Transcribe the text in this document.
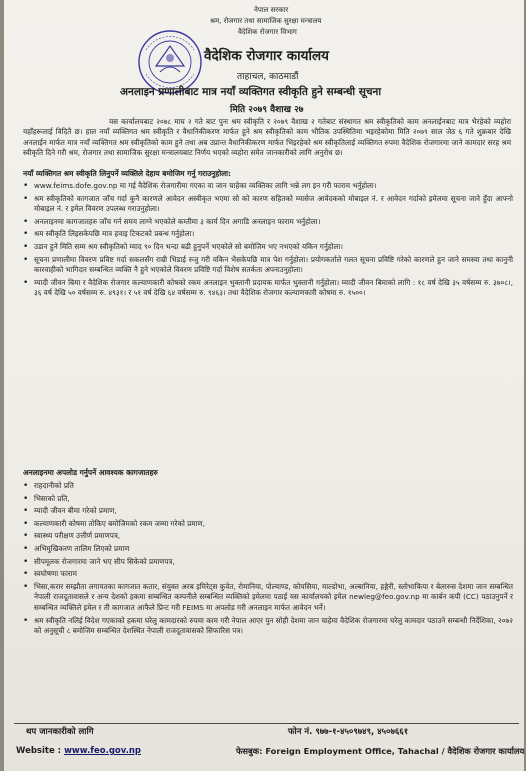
नेपाल सरकार
श्रम, रोजगार तथा सामाजिक सुरक्षा मन्त्रालय
वैदेशिक रोजगार विभाग
वैदेशिक रोजगार कार्यालय
ताहाचल, काठमाडौं
अनलाइन प्रणालीबाट मात्र नयाँ व्यक्तिगत स्वीकृति हुने सम्बन्धी सूचना
मिति २०७९ वैशाख २७

यस कार्यालयबाट २०७८ माघ २ गते बाट पुनः श्रम स्वीकृति र २०७९ वैशाख २ गतेबाट संस्थागत श्रम स्वीकृतिको काम अनलाईनबाट मात्र भैरहेको व्यहोरा यहाँहरूलाई विदितै छ। हाल नयाँ व्यक्तिगत श्रम स्वीकृति र वैधानिकीकरण मार्फत हुने श्रम स्वीकृतिको काम भौतिक उपस्थितिमा भइरहेकोमा मिति २०७९ साल जेठ ६ गते शुक्रबार देखि अनलाईन मार्फत मात्र नयाँ व्यक्तिगत श्रम स्वीकृतिको काम हुने तथा अब उप्रान्त वैधानिकीकरण मार्फत भिइरहेको श्रम स्वीकृतिलाई व्यक्तिगत रुपमा वैदेशिक रोजगारमा जाने कामदार सरह श्रम स्वीकृति दिने गरी श्रम, रोजगार तथा सामाजिक सुरक्षा मन्त्रालयबाट निर्णय भएको व्यहोरा समेत जानकारीको लागि अनुरोध छ।

नयाँ व्यक्तिगत श्रम स्वीकृति लिनुपर्ने व्यक्तिले देहाय बमोजिम गर्नु गराउनुहोला:
• www.feims.dofe.gov.np मा गई वैदेशिक रोजगारीमा गएका वा जान चाहेका व्यक्तिका लागि भन्ने लग इन गरी फाराम भर्नुहोला।
• श्रम स्वीकृतिको कागजात जाँच गर्दा कुनै कारणले आवेदन अस्वीकृत भएमा सो को कारण सहितको म्यासेज आवेदकको मोबाइल नं. र आवेदन गर्दाको इमेलमा सूचना जाने हुँदा आफ्नो मोबाइल नं. र इमेल विवरण उपलब्ध गराउनुहोला।
• अनलाइनमा कागजातहरु जाँच गर्न समय लाग्ने भएकोले कम्तीमा ३ कार्य दिन अगाडि अनलाइन फाराम भर्नुहोला।
• श्रम स्वीकृति लिइसकेपछि मात्र हवाइ टिकटको प्रबन्ध गर्नुहोला।
• उडान हुने मिति सम्म श्रम स्वीकृतिको म्याद ९० दिन भन्दा बढी हुनुपर्ने भएकोले सो बमोजिम भए नभएको यकिन गर्नुहोला।
• सूचना प्रणालीमा विवरण प्रविष्ट गर्दा सकलसँग राम्री भिडाई रुजु गरी यकिन भैसकेपछि मात्र पेश गर्नुहोला। प्रयोगकर्ताले गलत सूचना प्रविष्टि गरेको कारणले हुन जाने समस्या तथा कानुनी कारवाहीको भागिदार सम्बन्धित व्यक्ति नै हुने भएकोले विवरण प्रविष्टि गर्दा विशेष सतर्कता अपनाउनुहोला।
• म्यादी जीवन बिमा र वैदेशिक रोजगार कल्याणकारी कोषको रकम अनलाइन भुक्तानी प्रदायक मार्फत भुक्तानी गर्नुहोला। म्यादी जीवन बिमाको लागि : १८ वर्ष देखि ३५ वर्षसम्म रु. ३७०८।, ३६ वर्ष देखि ५० वर्षसम्म रु. ४९३१। र ५१ वर्ष देखि ६४ वर्षसम्म रु. ९४६३। तथा वैदेशिक रोजगार कल्याणकारी कोषमा रु. १५००।
अनलाइनमा अपलोड गर्नुपर्ने आवश्यक कागजातहरु
• राहदानीको प्रति
• भिसाको प्रति,
• म्यादी जीवन बीमा गरेको प्रमाण,
• कल्याणकारी कोषमा तोकिए बमोजिमको रकम जम्मा गरेको प्रमाण,
• स्वास्थ्य परीक्षण उत्तीर्ण प्रमाणपत्र,
• अभिमुखिकरण तालिम लिएको प्रमाण
• सीपमूलक रोजगारमा जाने भए सीप सिकेको प्रमाणपत्र,
• स्वघोषणा फाराम
• भिसा,करार सम्झौता लगायतका कागजात कतार, संयुक्त अरब इमिरेट्स कुवेत, रोमानिया, पोल्याण्ड, कोयसिया, माल्डोभा, अल्बानिया, हङ्गेरी, स्लोभाकिया र बेलारुस देशमा जान सम्बन्धित नेपाली राजदूतावासले र अन्य देशको हकमा सम्बन्धित कम्पनीले सम्बन्धित व्यक्तिको इमेलमा पठाई यस कार्यालयको इमेल newleg@feo.gov.np मा कार्बन कपी (CC) पठाउनुपर्ने र सम्बन्धित व्यक्तिले इमेल र ती कागजात आफैले प्रिन्ट गरी FEIMS मा अपलोड गरी अनलाइन मार्फत आवेदन भर्ने।
• श्रम स्वीकृति नलिई विदेश गएकाको हकमा घरेलु कामदारको रुपमा काम गरी नेपाल आएर पुन सोही देशमा जान चाहेमा वैदेशिक रोजगारमा घरेलु कामदार पठाउने सम्बन्धी निर्देशिका, २०७२ को अनुसूची ८ बमोजिम सम्बन्धित देशस्थित नेपाली राजदूतावासको सिफारिस पत्र।
थप जानकारीको लागि	फोन नं. ९७७-१-४५०९७४९, ४५०७६६१
Website : www.feo.gov.np	फेसबुक: Foreign Employment Office, Tahachal / वैदेशिक रोजगार कार्यालय
